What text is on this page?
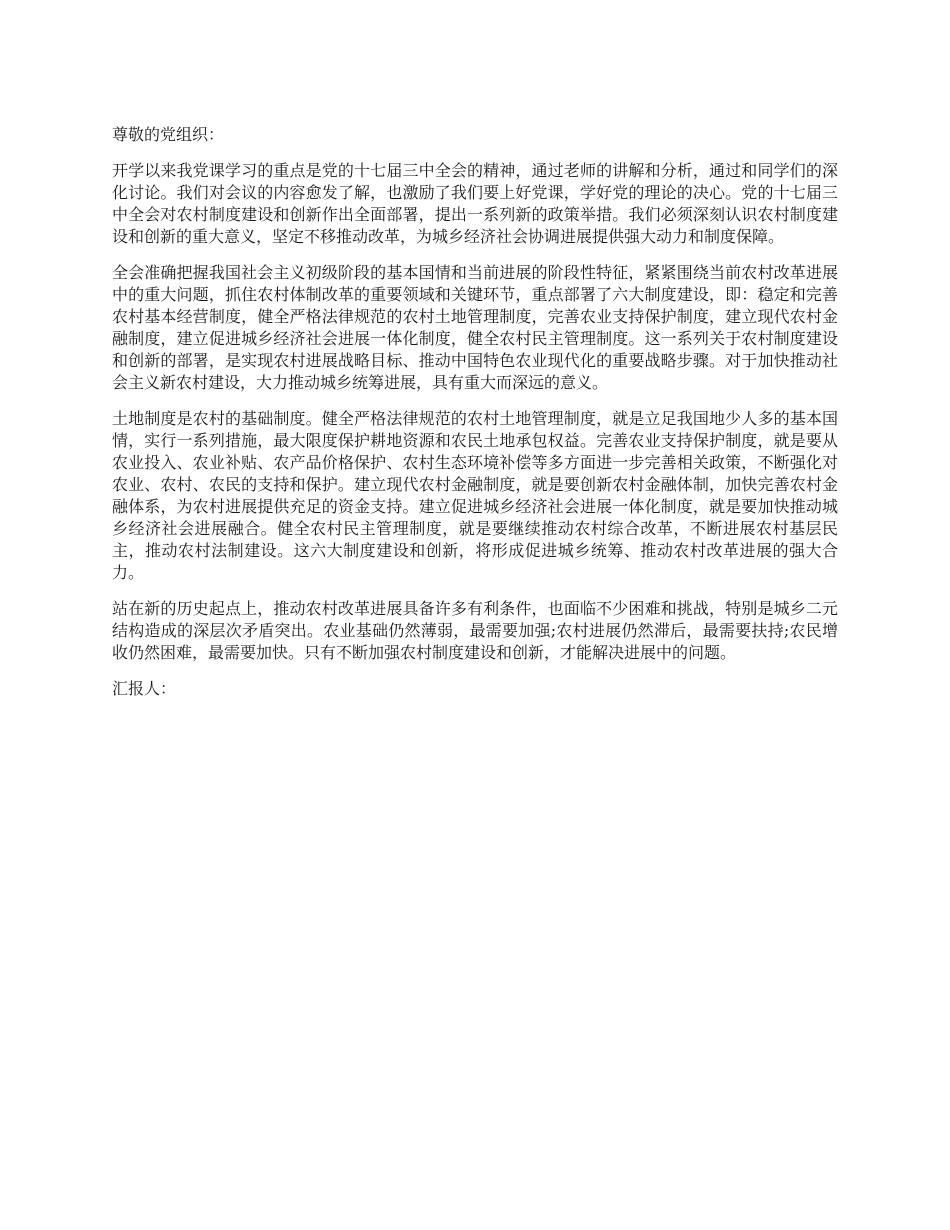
尊敬的党组织：

开学以来我党课学习的重点是党的十七届三中全会的精神，通过老师的讲解和分析，通过和同学们的深化讨论。我们对会议的内容愈发了解，也激励了我们要上好党课，学好党的理论的决心。党的十七届三中全会对农村制度建设和创新作出全面部署，提出一系列新的政策举措。我们必须深刻认识农村制度建设和创新的重大意义，坚定不移推动改革，为城乡经济社会协调进展提供强大动力和制度保障。

全会准确把握我国社会主义初级阶段的基本国情和当前进展的阶段性特征，紧紧围绕当前农村改革进展中的重大问题，抓住农村体制改革的重要领域和关键环节，重点部署了六大制度建设，即：稳定和完善农村基本经营制度，健全严格法律规范的农村土地管理制度，完善农业支持保护制度，建立现代农村金融制度，建立促进城乡经济社会进展一体化制度，健全农村民主管理制度。这一系列关于农村制度建设和创新的部署，是实现农村进展战略目标、推动中国特色农业现代化的重要战略步骤。对于加快推动社会主义新农村建设，大力推动城乡统筹进展，具有重大而深远的意义。

土地制度是农村的基础制度。健全严格法律规范的农村土地管理制度，就是立足我国地少人多的基本国情，实行一系列措施，最大限度保护耕地资源和农民土地承包权益。完善农业支持保护制度，就是要从农业投入、农业补贴、农产品价格保护、农村生态环境补偿等多方面进一步完善相关政策，不断强化对农业、农村、农民的支持和保护。建立现代农村金融制度，就是要创新农村金融体制，加快完善农村金融体系，为农村进展提供充足的资金支持。建立促进城乡经济社会进展一体化制度，就是要加快推动城乡经济社会进展融合。健全农村民主管理制度，就是要继续推动农村综合改革，不断进展农村基层民主，推动农村法制建设。这六大制度建设和创新，将形成促进城乡统筹、推动农村改革进展的强大合力。

站在新的历史起点上，推动农村改革进展具备许多有利条件，也面临不少困难和挑战，特别是城乡二元结构造成的深层次矛盾突出。农业基础仍然薄弱，最需要加强;农村进展仍然滞后，最需要扶持;农民增收仍然困难，最需要加快。只有不断加强农村制度建设和创新，才能解决进展中的问题。

汇报人：
